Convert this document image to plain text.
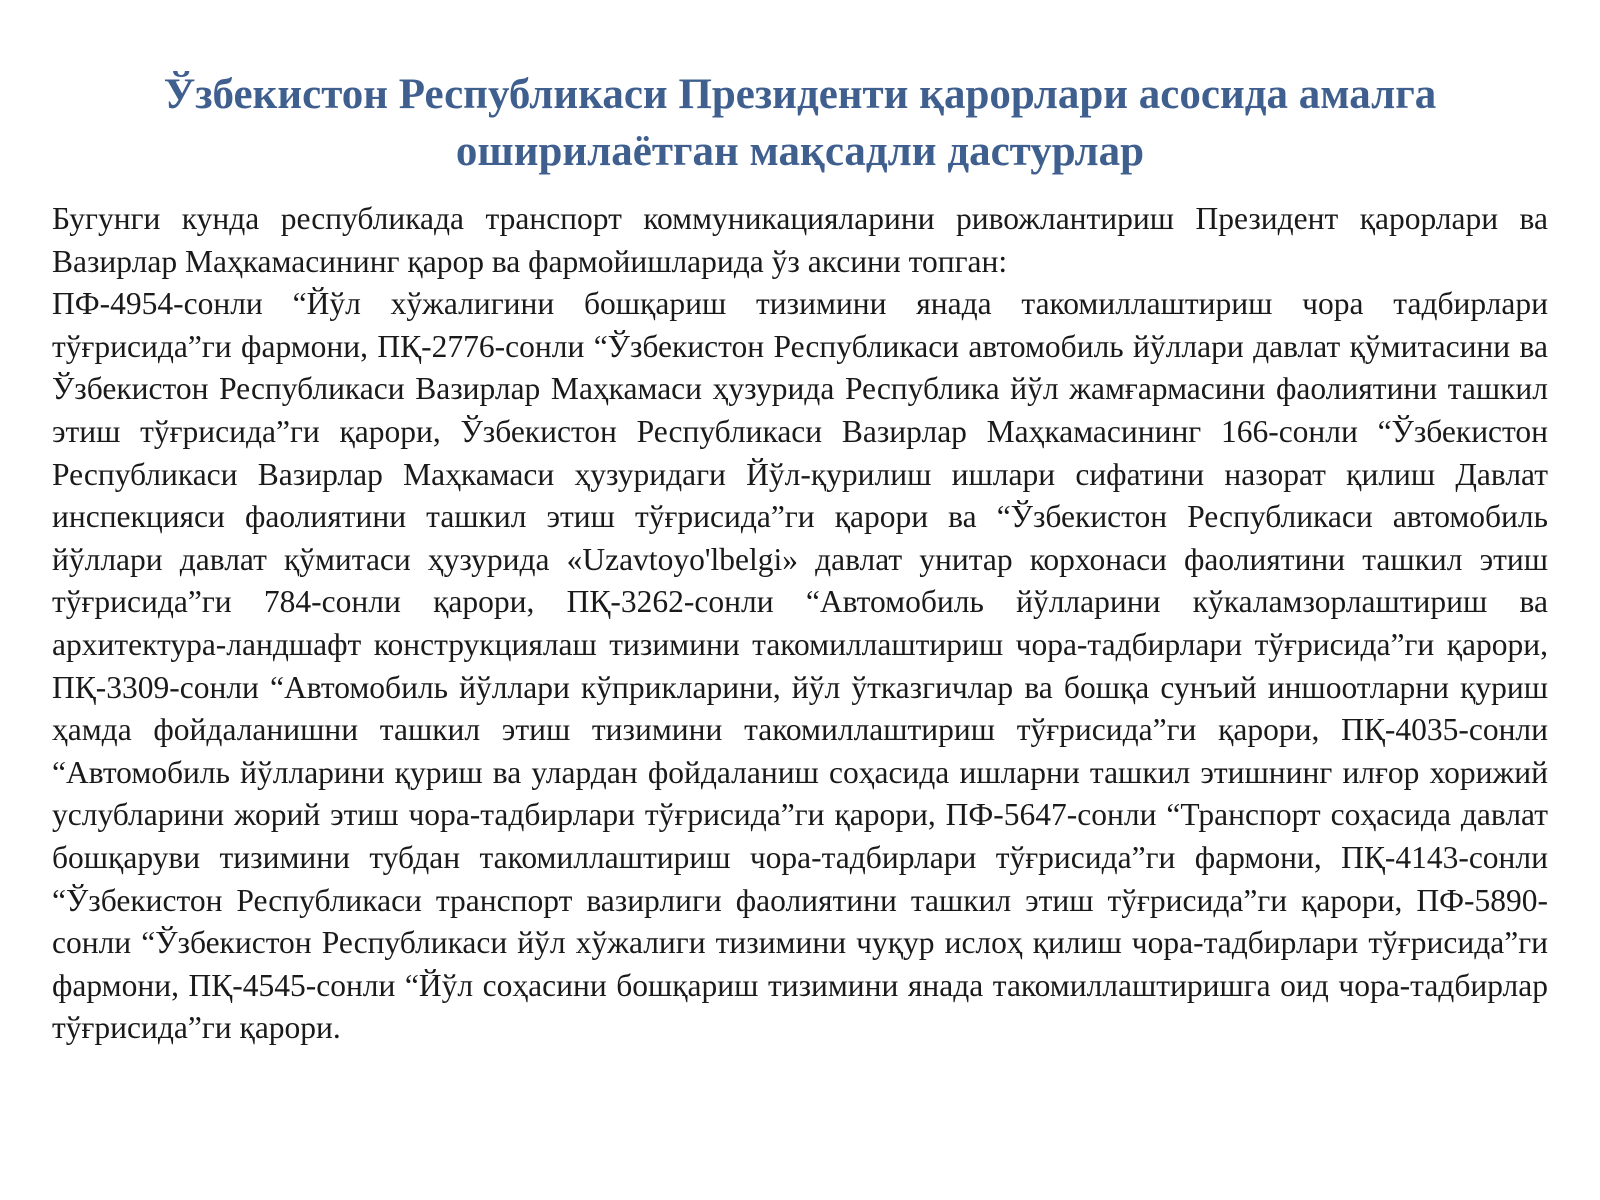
Ўзбекистон Республикаси Президенти қарорлари асосида амалга оширилаётган мақсадли дастурлар

Бугунги кунда республикада транспорт коммуникацияларини ривожлантириш Президент қарорлари ва Вазирлар Маҳкамасининг қарор ва фармойишларида ўз аксини топган:

ПФ-4954-сонли “Йўл хўжалигини бошқариш тизимини янада такомиллаштириш чора тадбирлари тўғрисида”ги фармони, ПҚ-2776-сонли “Ўзбекистон Республикаси автомобиль йўллари давлат қўмитасини ва Ўзбекистон Республикаси Вазирлар Маҳкамаси ҳузурида Республика йўл жамғармасини фаолиятини ташкил этиш тўғрисида”ги қарори, Ўзбекистон Республикаси Вазирлар Маҳкамасининг 166-сонли “Ўзбекистон Республикаси Вазирлар Маҳкамаси ҳузуридаги Йўл-қурилиш ишлари сифатини назорат қилиш Давлат инспекцияси фаолиятини ташкил этиш тўғрисида”ги қарори ва “Ўзбекистон Республикаси автомобиль йўллари давлат қўмитаси ҳузурида «Uzavtoyo'lbelgi» давлат унитар корхонаси фаолиятини ташкил этиш тўғрисида”ги 784-сонли қарори, ПҚ-3262-сонли “Автомобиль йўлларини кўкаламзорлаштириш ва архитектура-ландшафт конструкциялаш тизимини такомиллаштириш чора-тадбирлари тўғрисида”ги қарори, ПҚ-3309-сонли “Автомобиль йўллари кўприкларини, йўл ўтказгичлар ва бошқа сунъий иншоотларни қуриш ҳамда фойдаланишни ташкил этиш тизимини такомиллаштириш тўғрисида”ги қарори, ПҚ-4035-сонли “Автомобиль йўлларини қуриш ва улардан фойдаланиш соҳасида ишларни ташкил этишнинг илғор хорижий услубларини жорий этиш чора-тадбирлари тўғрисида”ги қарори, ПФ-5647-сонли “Транспорт соҳасида давлат бошқаруви тизимини тубдан такомиллаштириш чора-тадбирлари тўғрисида”ги фармони, ПҚ-4143-сонли “Ўзбекистон Республикаси транспорт вазирлиги фаолиятини ташкил этиш тўғрисида”ги қарори, ПФ-5890-сонли “Ўзбекистон Республикаси йўл хўжалиги тизимини чуқур ислоҳ қилиш чора-тадбирлари тўғрисида”ги фармони, ПҚ-4545-сонли “Йўл соҳасини бошқариш тизимини янада такомиллаштиришга оид чора-тадбирлар тўғрисида”ги қарори.
